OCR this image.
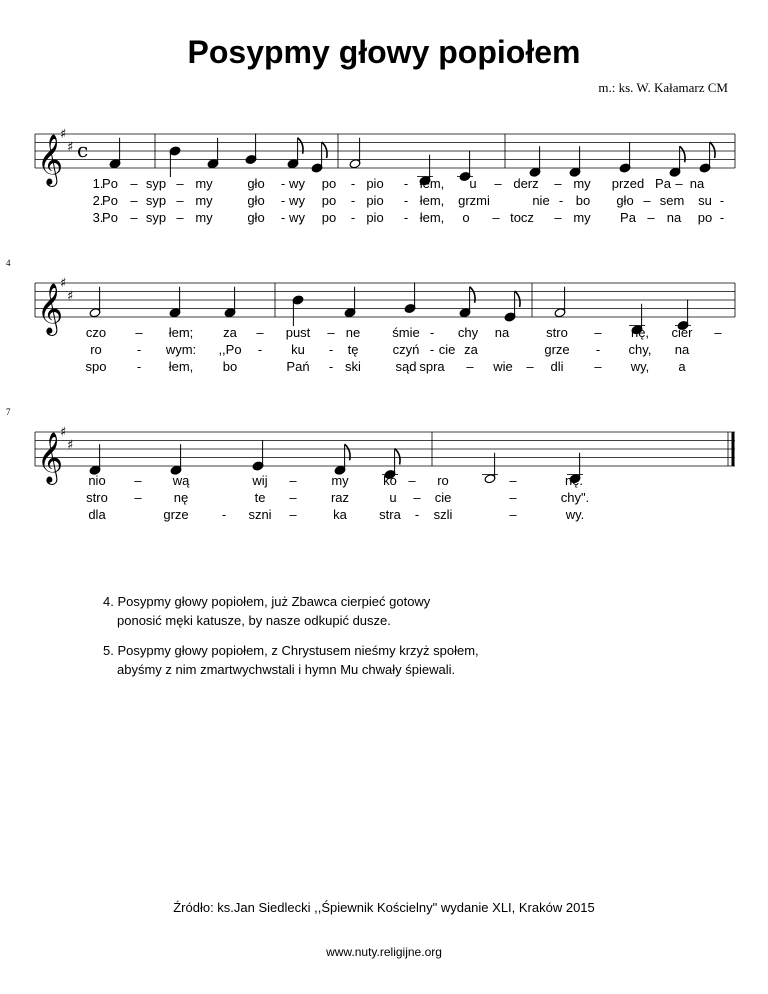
Posypmy głowy popiołem
m.: ks. W. Kałamarz CM
𝄞
♯
♯ c
𝄞
♯
♯
𝄞
♯
♯
4
7
1.
Po – syp – my	gło - wy po - pio - łem, u – derz – my przed Pa – na
2.
Po – syp – my	gło - wy po - pio - łem, grzmi	nie - bo gło – sem su -
3.
Po – syp – my	gło - wy po - pio - łem, o – tocz – my Pa – na po -
czo – łem; za – pust – ne śmie - chy na	stro – nę, cier –
ro	- wym: ,,Po - ku - tę	czyń - cie za	grze - chy, na
spo - łem, bo	Pań - ski	sąd spra – wie – dli – wy, a
nio – wą	wij –	my	ko – ro	–	nę.
stro – nę	te –	raz	u – cie	–	chy".
dla	grze	- szni –	ka stra - szli	–	wy.
4. Posypmy głowy popiołem, już Zbawca cierpieć gotowy
ponosić męki katusze, by nasze odkupić dusze.
5. Posypmy głowy popiołem, z Chrystusem nieśmy krzyż społem,
abyśmy z nim zmartwychwstali i hymn Mu chwały śpiewali.
Źródło: ks.Jan Siedlecki ,,Śpiewnik Kościelny" wydanie XLI, Kraków 2015
www.nuty.religijne.org
